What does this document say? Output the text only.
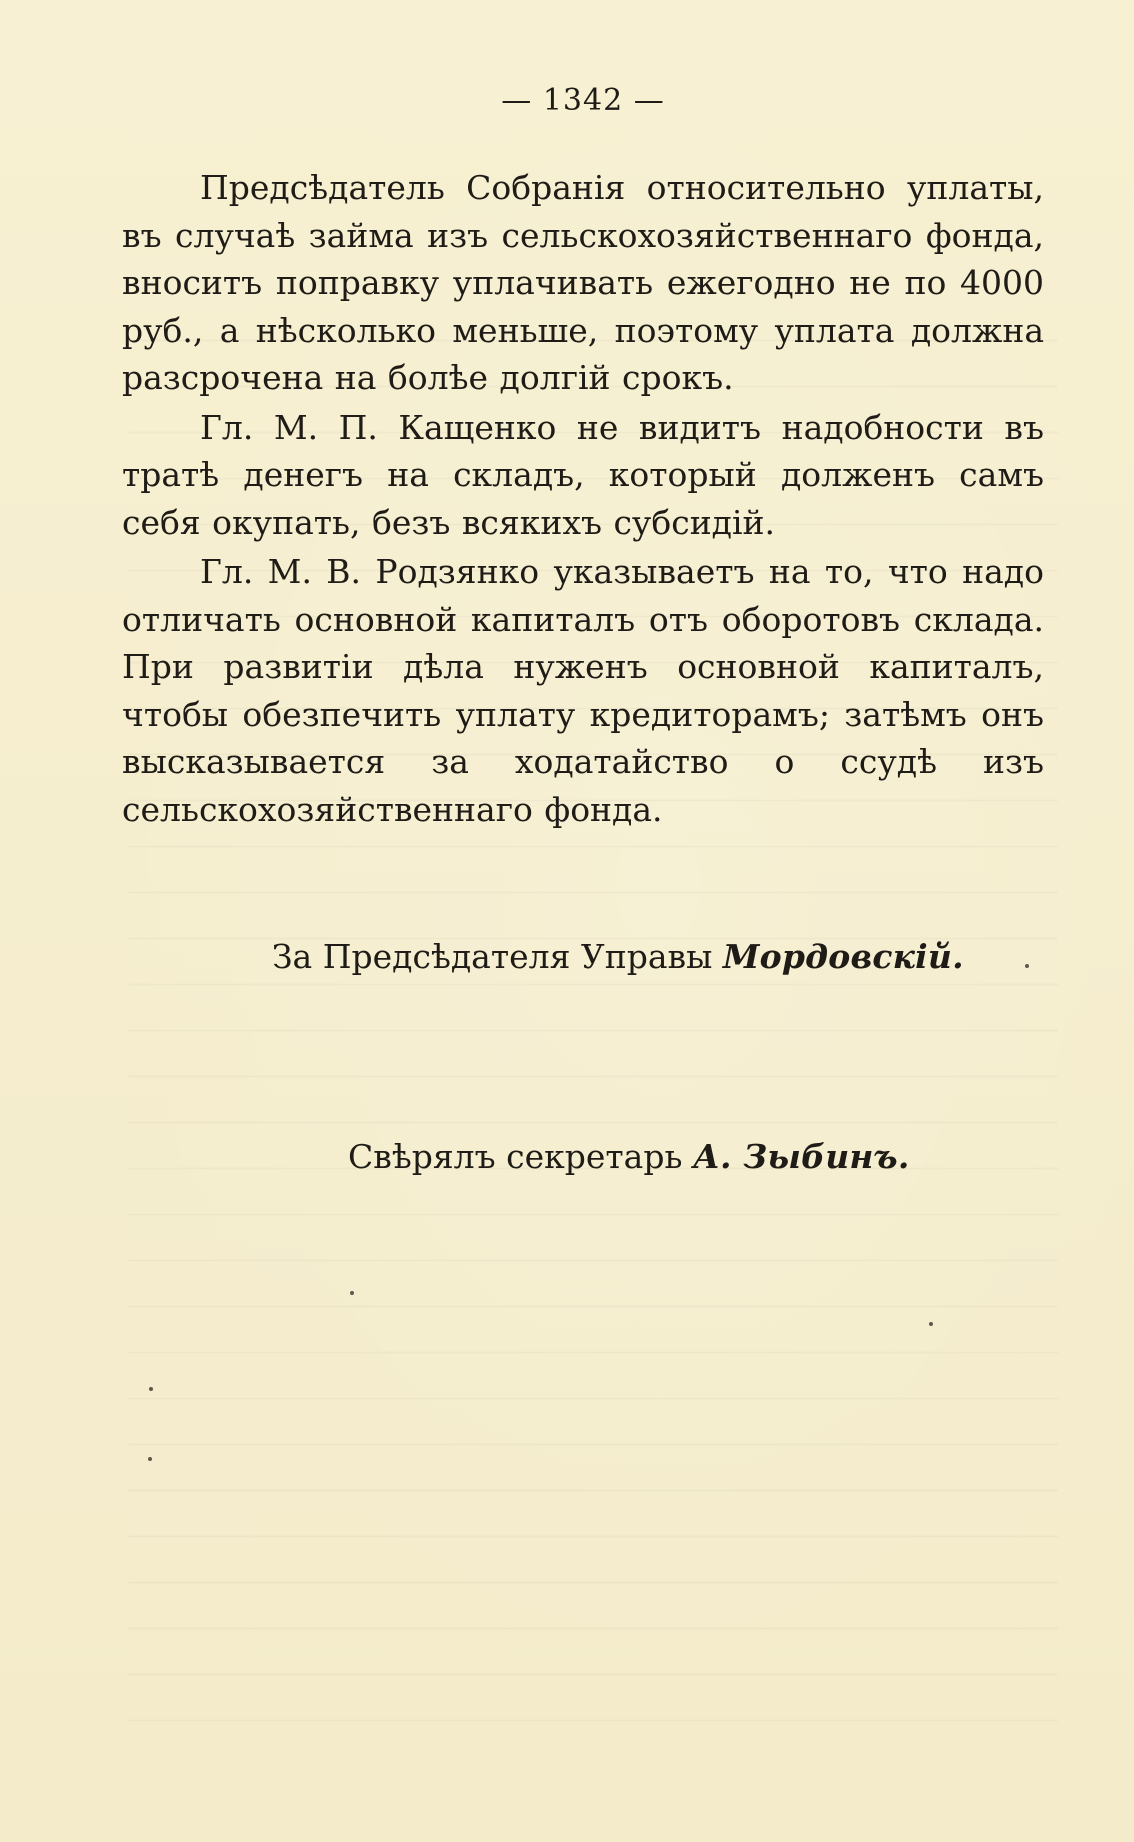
— 1342 —

Предсѣдатель Собранія относительно уплаты, въ случаѣ займа изъ сельскохозяйственнаго фонда, вноситъ поправку уплачивать ежегодно не по 4000 руб., а нѣсколько меньше, поэтому уплата должна разсрочена на болѣе долгій срокъ.

Гл. М. П. Кащенко не видитъ надобности въ тратѣ денегъ на складъ, который долженъ самъ себя окупать, безъ всякихъ субсидій.

Гл. М. В. Родзянко указываетъ на то, что надо отличать основной капиталъ отъ оборотовъ склада. При развитіи дѣла нуженъ основной капиталъ, чтобы обезпечить уплату кредиторамъ; затѣмъ онъ высказывается за ходатайство о ссудѣ изъ сельскохозяйственнаго фонда.

За Предсѣдателя Управы Мордовскій.
Свѣрялъ секретарь А. Зыбинъ.
